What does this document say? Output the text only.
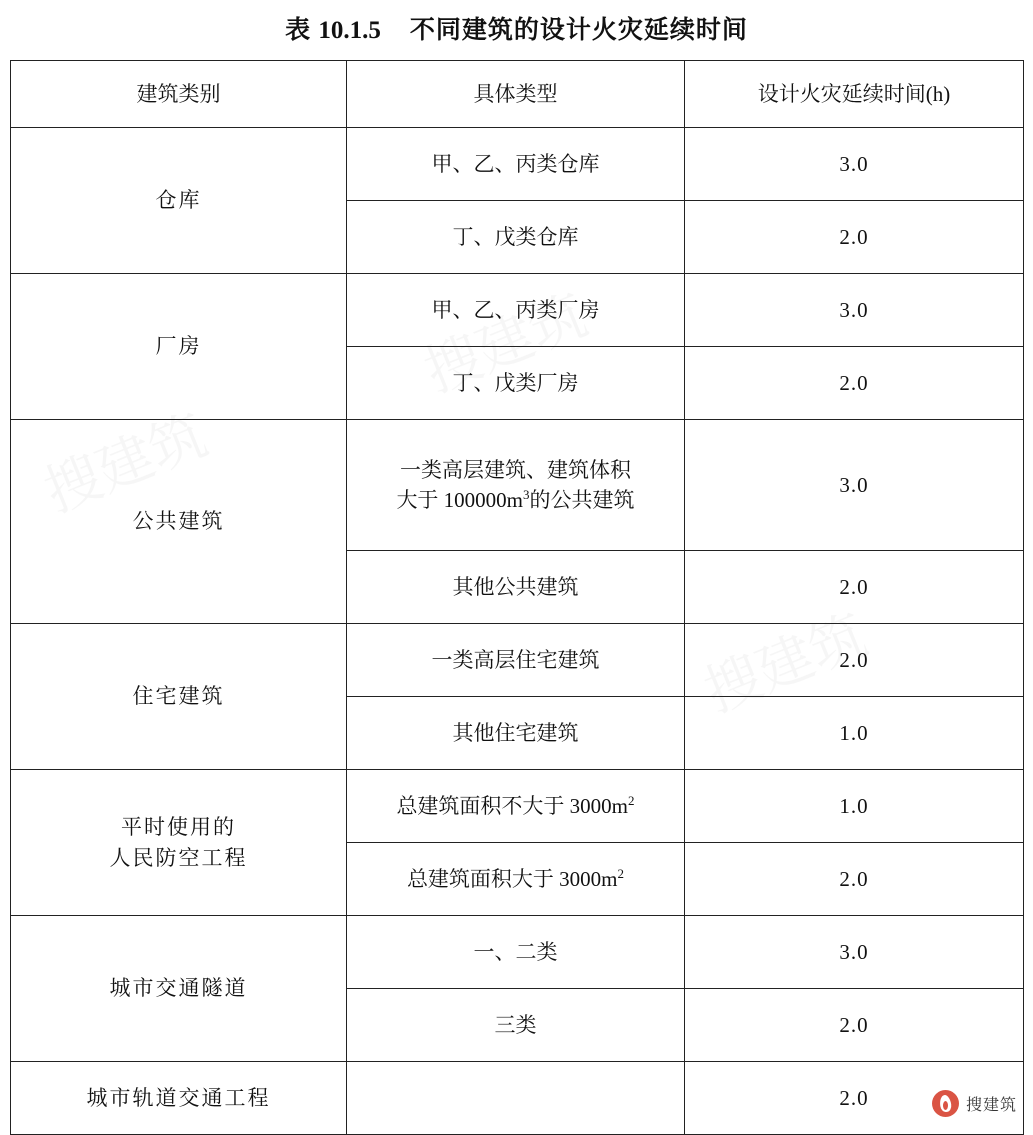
表 10.1.5 不同建筑的设计火灾延续时间
建筑类别	具体类型	设计火灾延续时间(h)
仓库	甲、乙、丙类仓库	3.0
	丁、戊类仓库	2.0
厂房	甲、乙、丙类厂房	3.0
	丁、戊类厂房	2.0
公共建筑	一类高层建筑、建筑体积
大于 $100000m^3$的公共建筑	3.0
	其他公共建筑	2.0
住宅建筑	一类高层住宅建筑	2.0
	其他住宅建筑	1.0

平时使用的
人民防空工程	总建筑面积不大于 $3000m^2$	1.0
	总建筑面积大于 $3000m^2$	2.0
城市交通隧道	一、二类	3.0
	三类	2.0
城市轨道交通工程		2.0	搜建筑
